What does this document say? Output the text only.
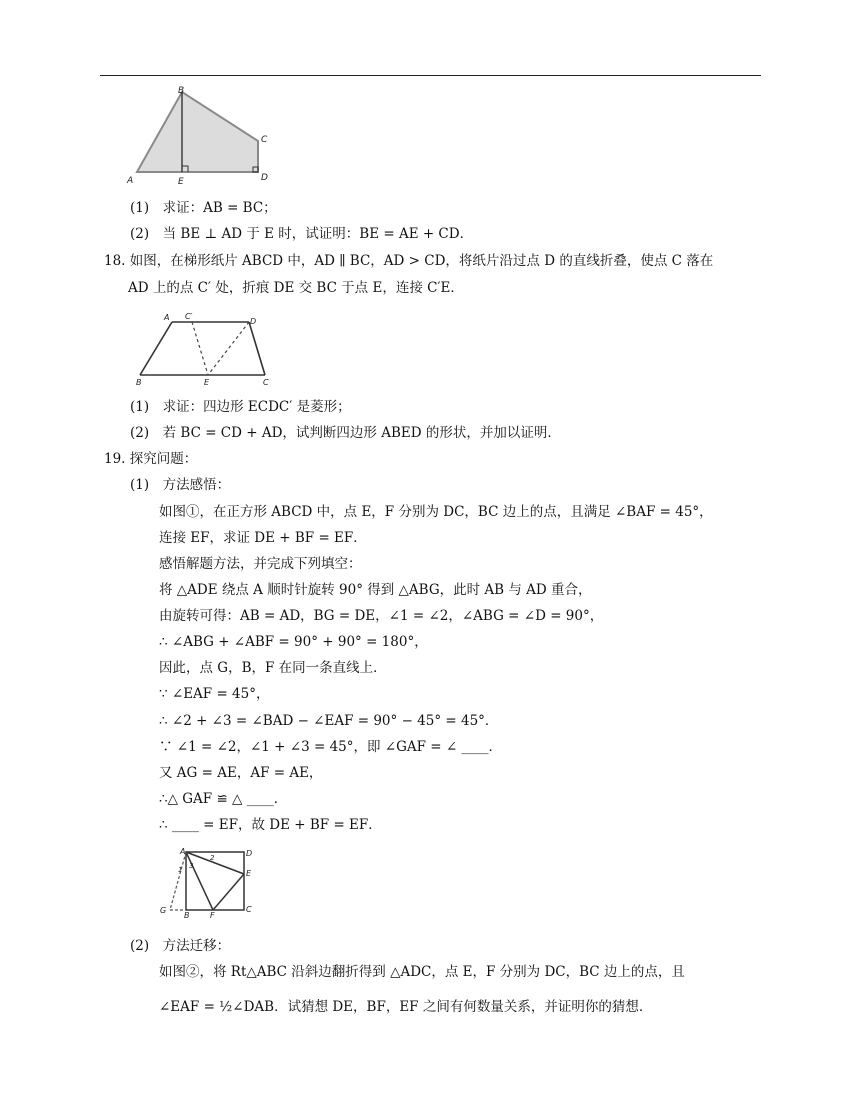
A
B
C
D
E
(1)　求证：AB = BC；
(2)　当 BE ⊥ AD 于 E 时，试证明：BE = AE + CD．
18. 如图，在梯形纸片 ABCD 中，AD ∥ BC，AD > CD，将纸片沿过点 D 的直线折叠，使点 C 落在
AD 上的点 C′ 处，折痕 DE 交 BC 于点 E，连接 C′E．
A C′
D
B	E	C
(1)　求证：四边形 ECDC′ 是菱形；
(2)　若 BC = CD + AD，试判断四边形 ABED 的形状，并加以证明．
19. 探究问题：
(1)　方法感悟：
如图①，在正方形 ABCD 中，点 E，F 分别为 DC，BC 边上的点，且满足 ∠BAF = 45°，
连接 EF，求证 DE + BF = EF．
感悟解题方法，并完成下列填空：
将 △ADE 绕点 A 顺时针旋转 90° 得到 △ABG，此时 AB 与 AD 重合，
由旋转可得：AB = AD，BG = DE，∠1 = ∠2，∠ABG = ∠D = 90°，
∴ ∠ABG + ∠ABF = 90° + 90° = 180°，
因此，点 G，B，F 在同一条直线上．
∵ ∠EAF = 45°，
∴ ∠2 + ∠3 = ∠BAD − ∠EAF = 90° − 45° = 45°．
∵ ∠1 = ∠2，∠1 + ∠3 = 45°，即 ∠GAF = ∠ ____．
又 AG = AE，AF = AE，
∴△ GAF ≌ △ ____．
∴ ____ = EF，故 DE + BF = EF．
A	D
E
G
B	F
C
1
2
3
(2)　方法迁移：
如图②，将 Rt△ABC 沿斜边翻折得到 △ADC，点 E，F 分别为 DC，BC 边上的点，且
∠EAF = ½∠DAB．试猜想 DE，BF，EF 之间有何数量关系，并证明你的猜想．
